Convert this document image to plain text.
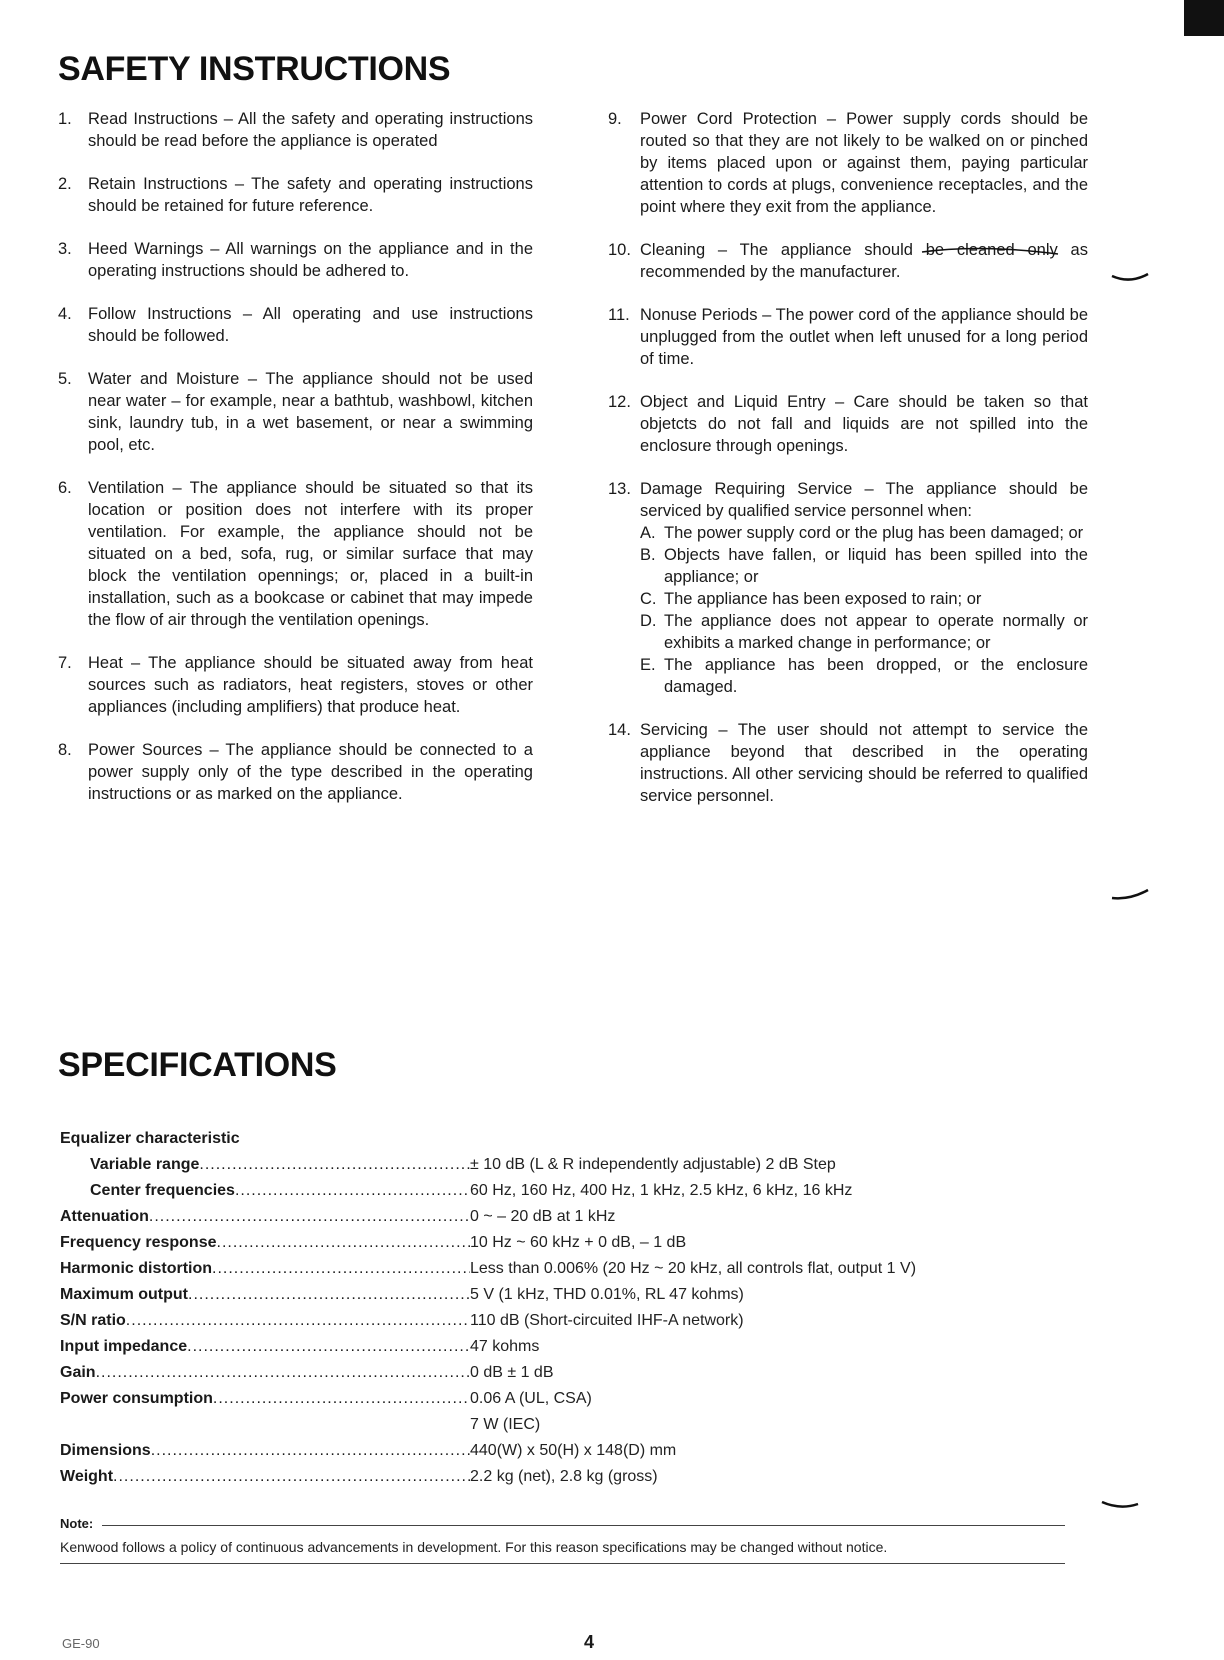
SAFETY INSTRUCTIONS
1. Read Instructions – All the safety and operating instructions should be read before the appliance is operated
2. Retain Instructions – The safety and operating instructions should be retained for future reference.
3. Heed Warnings – All warnings on the appliance and in the operating instructions should be adhered to.
4. Follow Instructions – All operating and use instructions should be followed.
5. Water and Moisture – The appliance should not be used near water – for example, near a bathtub, washbowl, kitchen sink, laundry tub, in a wet basement, or near a swimming pool, etc.
6. Ventilation – The appliance should be situated so that its location or position does not interfere with its proper ventilation. For example, the appliance should not be situated on a bed, sofa, rug, or similar surface that may block the ventilation opennings; or, placed in a built-in installation, such as a bookcase or cabinet that may impede the flow of air through the ventilation openings.
7. Heat – The appliance should be situated away from heat sources such as radiators, heat registers, stoves or other appliances (including amplifiers) that produce heat.
8. Power Sources – The appliance should be connected to a power supply only of the type described in the operating instructions or as marked on the appliance.
9. Power Cord Protection – Power supply cords should be routed so that they are not likely to be walked on or pinched by items placed upon or against them, paying particular attention to cords at plugs, convenience receptacles, and the point where they exit from the appliance.
10. Cleaning – The appliance should be cleaned only as recommended by the manufacturer.
11. Nonuse Periods – The power cord of the appliance should be unplugged from the outlet when left unused for a long period of time.
12. Object and Liquid Entry – Care should be taken so that objetcts do not fall and liquids are not spilled into the enclosure through openings.
13. Damage Requiring Service – The appliance should be serviced by qualified service personnel when:
A. The power supply cord or the plug has been damaged; or
B. Objects have fallen, or liquid has been spilled into the appliance; or
C. The appliance has been exposed to rain; or
D. The appliance does not appear to operate normally or exhibits a marked change in performance; or
E. The appliance has been dropped, or the enclosure damaged.
14. Servicing – The user should not attempt to service the appliance beyond that described in the operating instructions. All other servicing should be referred to qualified service personnel.
SPECIFICATIONS
Equalizer characteristic
Variable range .....	± 10 dB (L & R independently adjustable) 2 dB Step
Center frequencies .....	60 Hz, 160 Hz, 400 Hz, 1 kHz, 2.5 kHz, 6 kHz, 16 kHz
Attenuation .....	0 ~ – 20 dB at 1 kHz
Frequency response .....	10 Hz ~ 60 kHz + 0 dB, – 1 dB
Harmonic distortion .....	Less than 0.006% (20 Hz ~ 20 kHz, all controls flat, output 1 V)
Maximum output .....	5 V (1 kHz, THD 0.01%, RL 47 kohms)
S/N ratio .....	110 dB (Short-circuited IHF-A network)
Input impedance .....	47 kohms
Gain .....	0 dB ± 1 dB
Power consumption .....	0.06 A (UL, CSA)
7 W (IEC)
Dimensions .....	440(W) x 50(H) x 148(D) mm
Weight .....	2.2 kg (net), 2.8 kg (gross)
Note:
Kenwood follows a policy of continuous advancements in development. For this reason specifications may be changed without notice.
GE-90	4
